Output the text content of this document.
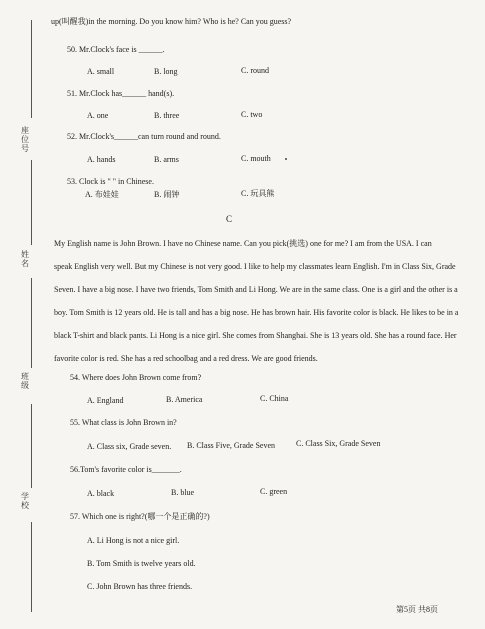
座位号
姓名
班级
学校
up(叫醒我)in the morning. Do you know him? Who is he? Can you guess?
50. Mr.Clock's face is ______.
A. small	B. long	C. round
51. Mr.Clock has______ hand(s).
A. one	B. three	C. two
52. Mr.Clock's______can turn round and round.
A. hands	B. arms	C. mouth
53. Clock is " " in Chinese.
A. 布娃娃	B. 闹钟	C. 玩具熊
C
My English name is John Brown. I have no Chinese name. Can you pick(挑选) one for me? I am from the USA. I can
speak English very well. But my Chinese is not very good. I like to help my classmates learn English. I'm in Class Six, Grade
Seven. I have a big nose. I have two friends, Tom Smith and Li Hong. We are in the same class. One is a girl and the other is a
boy. Tom Smith is 12 years old. He is tall and has a big nose. He has brown hair. His favorite color is black. He likes to be in a
black T-shirt and black pants. Li Hong is a nice girl. She comes from Shanghai. She is 13 years old. She has a round face. Her
favorite color is red. She has a red schoolbag and a red dress. We are good friends.
54. Where does John Brown come from?
A. England	B. America	C. China
55. What class is John Brown in?
A. Class six, Grade seven. B. Class Five, Grade Seven	C. Class Six, Grade Seven
56.Tom's favorite color is_______.
A. black	B. blue	C. green
57. Which one is right?(哪一个是正确的?)
A. Li Hong is not a nice girl.
B. Tom Smith is twelve years old.
C. John Brown has three friends.
第5页 共8页
